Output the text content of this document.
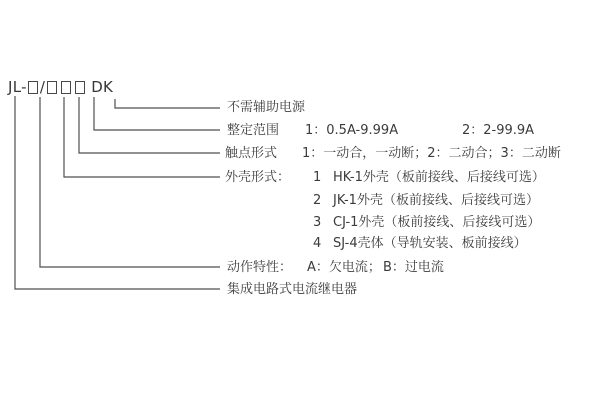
JL- /	DK
不需辅助电源
整定范围 1：0.5A-9.99A	2：2-99.9A
触点形式 1：一动合，一动断；2：二动合；3：二动断
外壳形式： 1 HK-1外壳（板前接线、后接线可选）
2 JK-1外壳（板前接线、后接线可选）
3 CJ-1外壳（板前接线、后接线可选）
4 SJ-4壳体（导轨安装、板前接线）
动作特性： A：欠电流； B：过电流
集成电路式电流继电器
